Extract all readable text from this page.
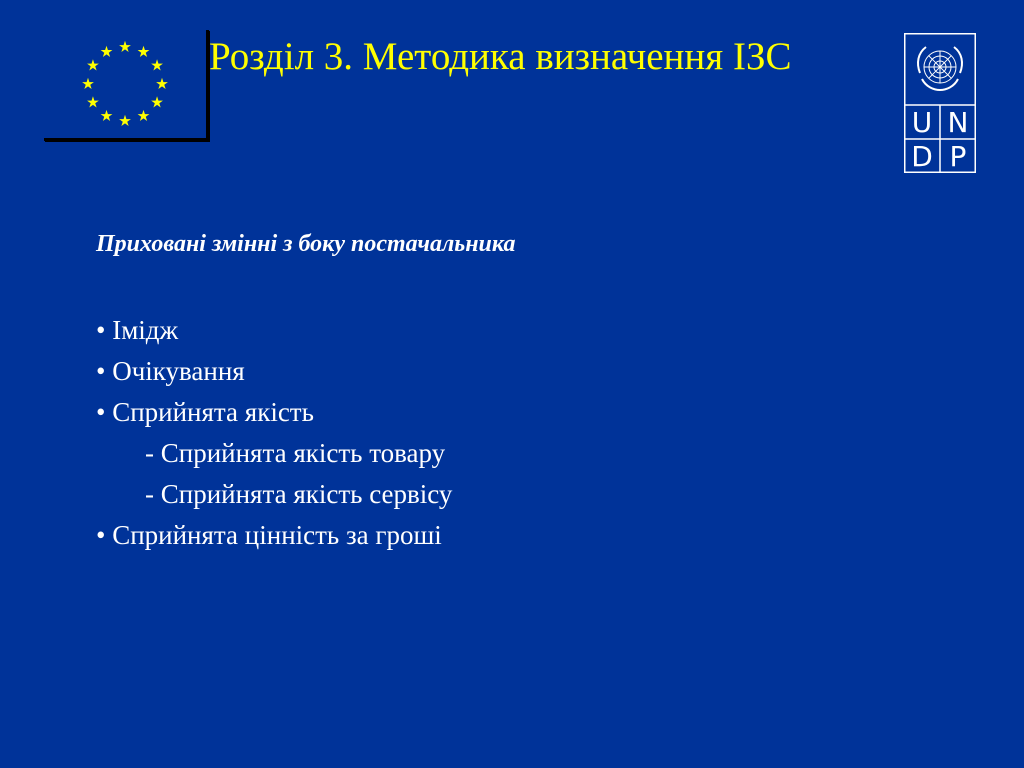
Розділ 3. Методика визначення ІЗС
U N
D P
Приховані змінні з боку постачальника
• Імідж
• Очікування
• Сприйнята якість
- Сприйнята якість товару
- Сприйнята якість сервісу
• Сприйнята цінність за гроші
